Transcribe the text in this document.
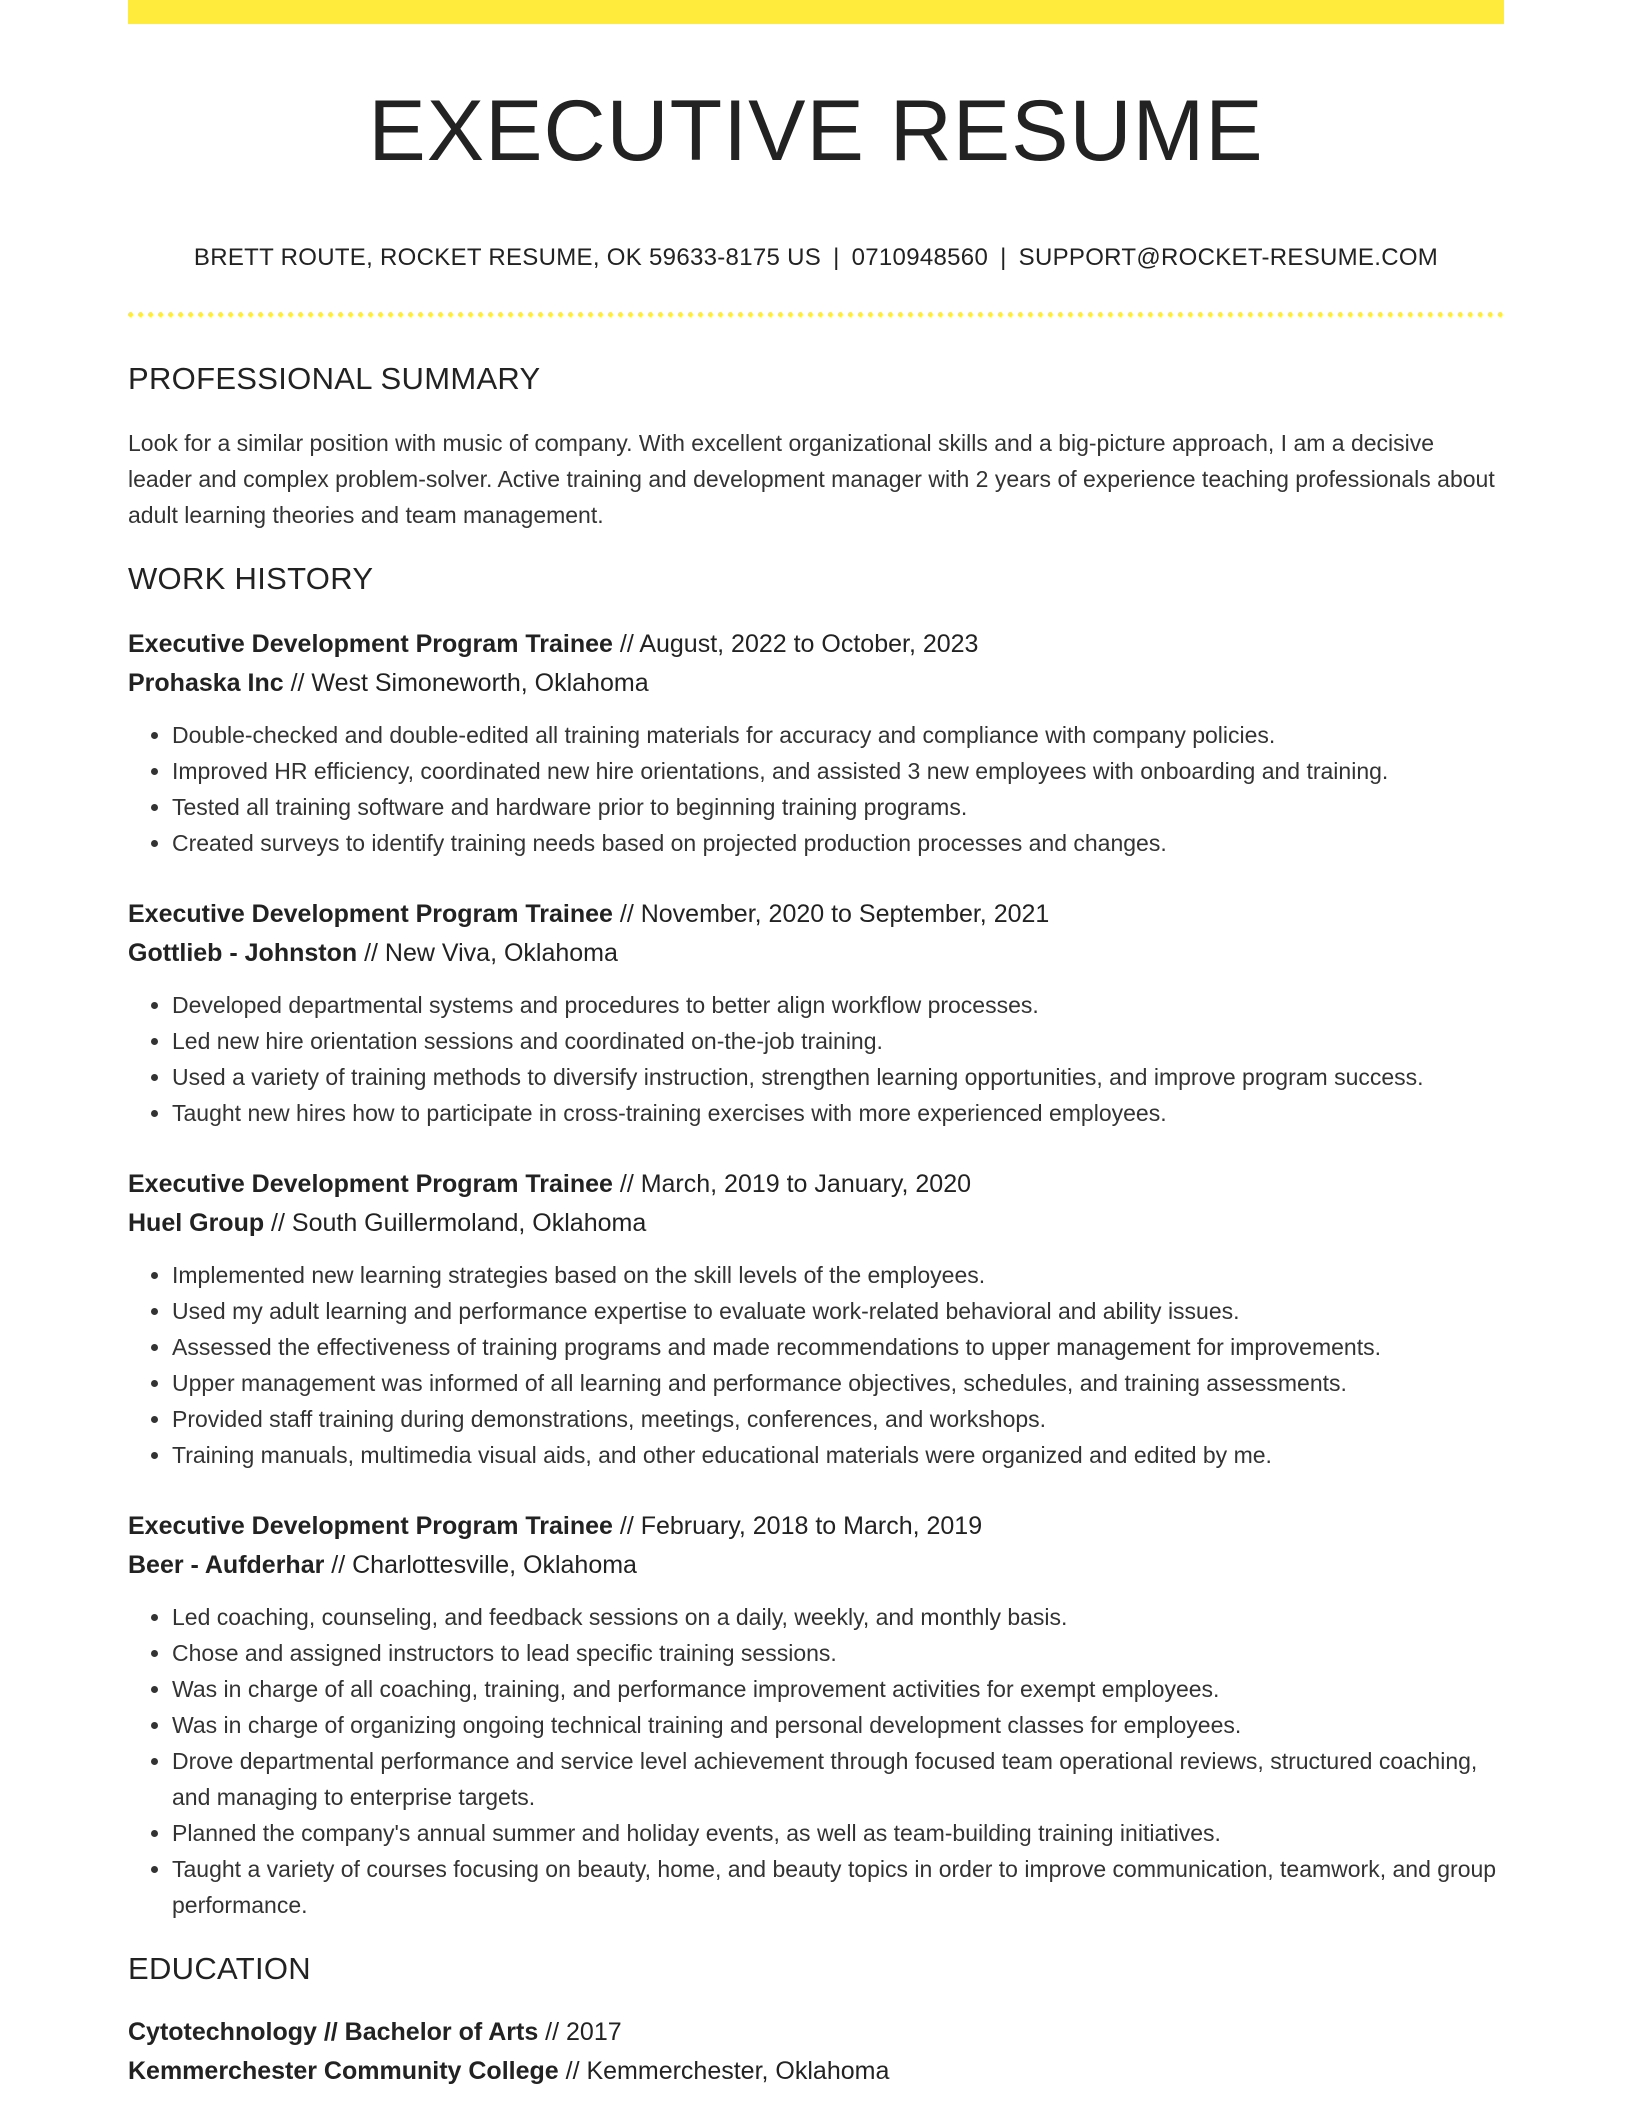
EXECUTIVE RESUME
BRETT ROUTE, ROCKET RESUME, OK 59633-8175 US | 0710948560 | SUPPORT@ROCKET-RESUME.COM
PROFESSIONAL SUMMARY
Look for a similar position with music of company. With excellent organizational skills and a big-picture approach, I am a decisive leader and complex problem-solver. Active training and development manager with 2 years of experience teaching professionals about adult learning theories and team management.
WORK HISTORY
Executive Development Program Trainee // August, 2022 to October, 2023
Prohaska Inc // West Simoneworth, Oklahoma
• Double-checked and double-edited all training materials for accuracy and compliance with company policies.
• Improved HR efficiency, coordinated new hire orientations, and assisted 3 new employees with onboarding and training.
• Tested all training software and hardware prior to beginning training programs.
• Created surveys to identify training needs based on projected production processes and changes.
Executive Development Program Trainee // November, 2020 to September, 2021
Gottlieb - Johnston // New Viva, Oklahoma
• Developed departmental systems and procedures to better align workflow processes.
• Led new hire orientation sessions and coordinated on-the-job training.
• Used a variety of training methods to diversify instruction, strengthen learning opportunities, and improve program success.
• Taught new hires how to participate in cross-training exercises with more experienced employees.
Executive Development Program Trainee // March, 2019 to January, 2020
Huel Group // South Guillermoland, Oklahoma
• Implemented new learning strategies based on the skill levels of the employees.
• Used my adult learning and performance expertise to evaluate work-related behavioral and ability issues.
• Assessed the effectiveness of training programs and made recommendations to upper management for improvements.
• Upper management was informed of all learning and performance objectives, schedules, and training assessments.
• Provided staff training during demonstrations, meetings, conferences, and workshops.
• Training manuals, multimedia visual aids, and other educational materials were organized and edited by me.
Executive Development Program Trainee // February, 2018 to March, 2019
Beer - Aufderhar // Charlottesville, Oklahoma
• Led coaching, counseling, and feedback sessions on a daily, weekly, and monthly basis.
• Chose and assigned instructors to lead specific training sessions.
• Was in charge of all coaching, training, and performance improvement activities for exempt employees.
• Was in charge of organizing ongoing technical training and personal development classes for employees.
• Drove departmental performance and service level achievement through focused team operational reviews, structured coaching, and managing to enterprise targets.
• Planned the company's annual summer and holiday events, as well as team-building training initiatives.
• Taught a variety of courses focusing on beauty, home, and beauty topics in order to improve communication, teamwork, and group performance.
EDUCATION
Cytotechnology // Bachelor of Arts // 2017
Kemmerchester Community College // Kemmerchester, Oklahoma
